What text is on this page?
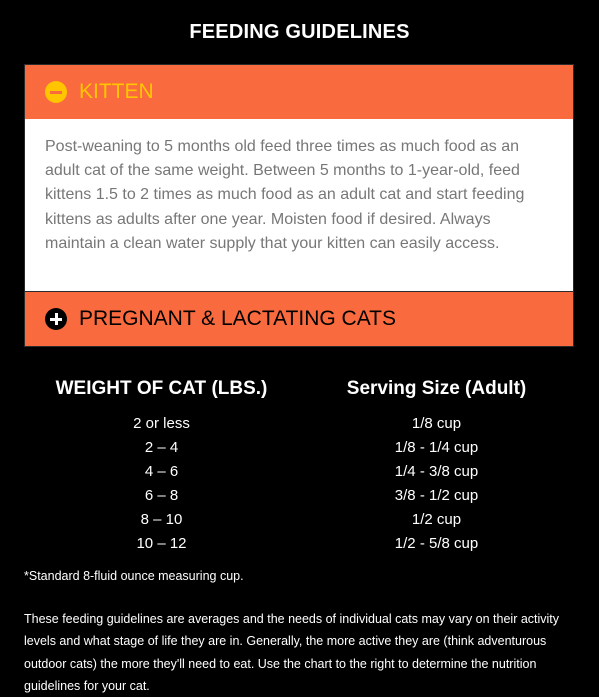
FEEDING GUIDELINES
KITTEN

Post-weaning to 5 months old feed three times as much food as an adult cat of the same weight. Between 5 months to 1-year-old, feed kittens 1.5 to 2 times as much food as an adult cat and start feeding kittens as adults after one year. Moisten food if desired. Always maintain a clean water supply that your kitten can easily access.

PREGNANT & LACTATING CATS
WEIGHT OF CAT (LBS.)	Serving Size (Adult)
2 or less	1/8 cup
2 – 4	1/8 - 1/4 cup
4 – 6	1/4 - 3/8 cup
6 – 8	3/8 - 1/2 cup
8 – 10	1/2 cup
10 – 12	1/2 - 5/8 cup
*Standard 8-fluid ounce measuring cup.

These feeding guidelines are averages and the needs of individual cats may vary on their activity levels and what stage of life they are in. Generally, the more active they are (think adventurous outdoor cats) the more they'll need to eat. Use the chart to the right to determine the nutrition guidelines for your cat.
